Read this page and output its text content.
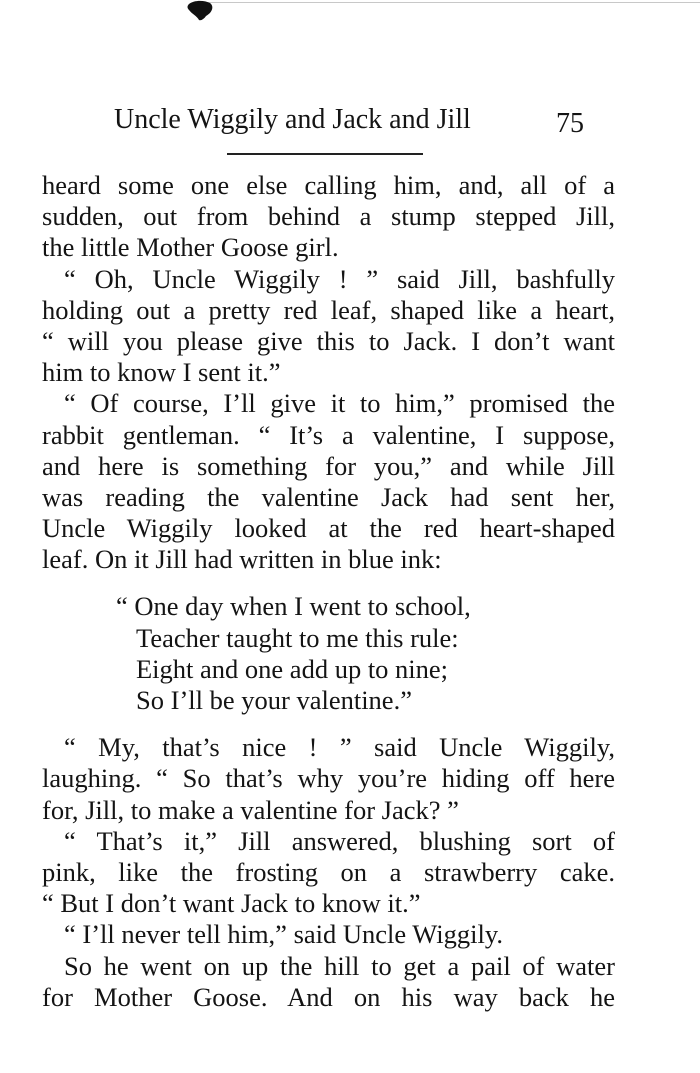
Uncle Wiggily and Jack and Jill	75
heard some one else calling him, and, all of a
sudden, out from behind a stump stepped Jill,
the little Mother Goose girl.
“ Oh, Uncle Wiggily ! ” said Jill, bashfully
holding out a pretty red leaf, shaped like a heart,
“ will you please give this to Jack. I don’t want
him to know I sent it.”
“ Of course, I’ll give it to him,” promised the
rabbit gentleman. “ It’s a valentine, I suppose,
and here is something for you,” and while Jill
was reading the valentine Jack had sent her,
Uncle Wiggily looked at the red heart-shaped
leaf. On it Jill had written in blue ink:
“ One day when I went to school,
Teacher taught to me this rule:
Eight and one add up to nine;
So I’ll be your valentine.”
“ My, that’s nice ! ” said Uncle Wiggily,
laughing. “ So that’s why you’re hiding off here
for, Jill, to make a valentine for Jack? ”
“ That’s it,” Jill answered, blushing sort of
pink, like the frosting on a strawberry cake.
“ But I don’t want Jack to know it.”
“ I’ll never tell him,” said Uncle Wiggily.
So he went on up the hill to get a pail of water
for Mother Goose. And on his way back he
